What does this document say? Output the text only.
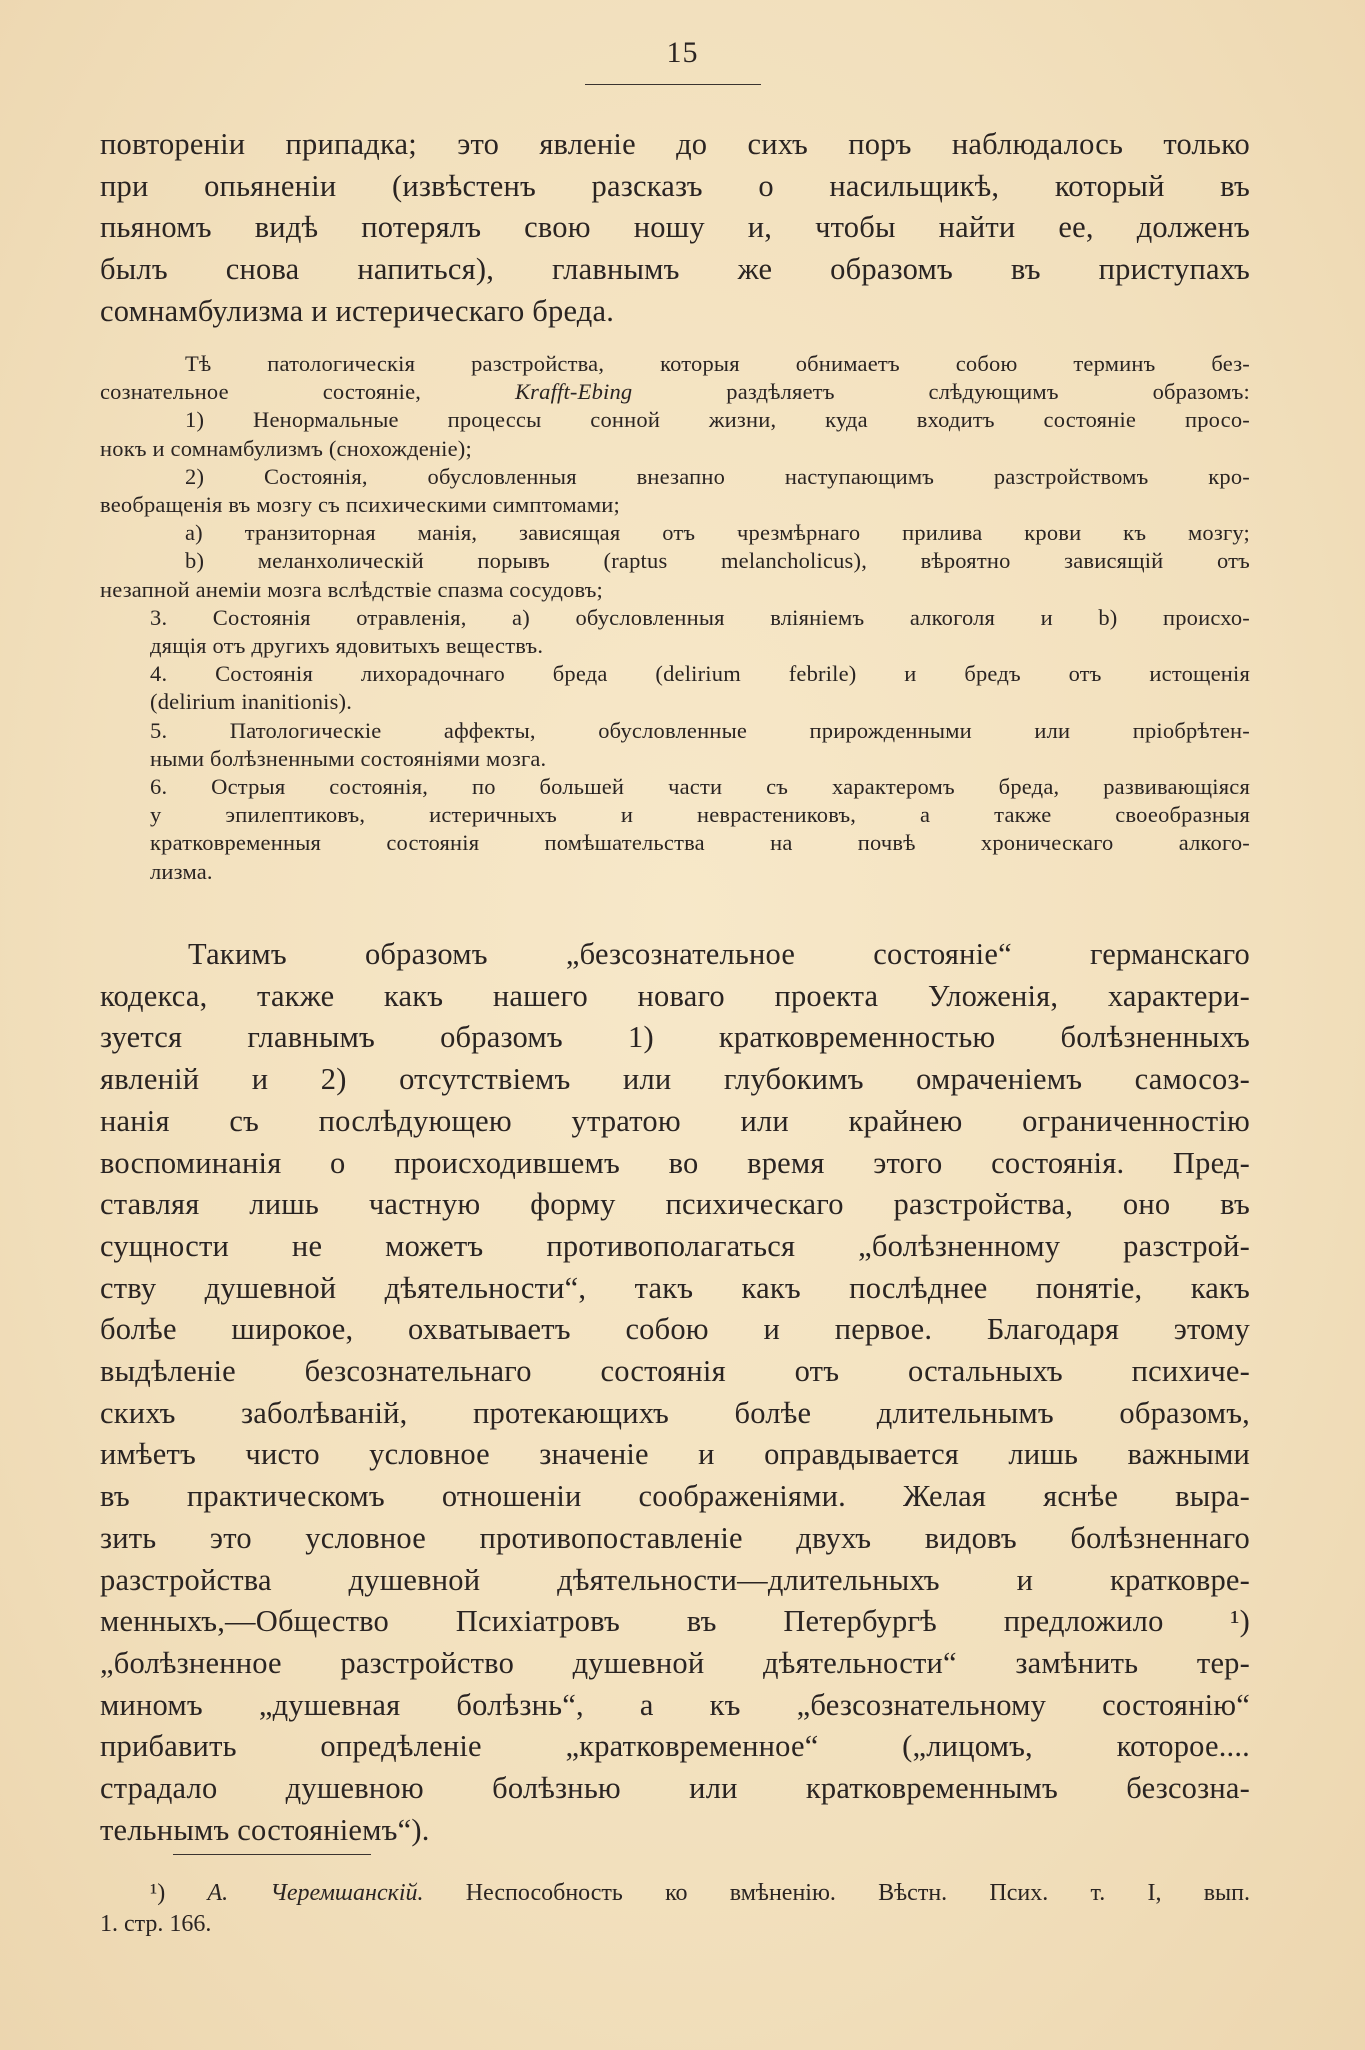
15
повторенiи припадка; это явленiе до сихъ поръ наблюдалось только
при опьяненiи (извѣстенъ разсказъ о насильщикѣ, который въ
пьяномъ видѣ потерялъ свою ношу и, чтобы найти ее, долженъ
былъ снова напиться), главнымъ же образомъ въ приступахъ
сомнамбулизма и истерическаго бреда.
Тѣ патологическiя разстройства, которыя обнимаетъ собою терминъ без-
сознательное состоянiе, Krafft-Ebing раздѣляетъ слѣдующимъ образомъ:
1) Ненормальные процессы сонной жизни, куда входитъ состоянiе просо-
нокъ и сомнамбулизмъ (снохожденiе);
2) Состоянiя, обусловленныя внезапно наступающимъ разстройствомъ кро-
веобращенiя въ мозгу съ психическими симптомами;
а) транзиторная манiя, зависящая отъ чрезмѣрнаго прилива крови къ мозгу;
b) меланхолическiй порывъ (raptus melancholicus), вѣроятно зависящiй отъ
незапной анемiи мозга вслѣдствiе спазма сосудовъ;
3. Состоянiя отравленiя, а) обусловленныя влiянiемъ алкоголя и b) происхо-
дящiя отъ другихъ ядовитыхъ веществъ.
4. Состоянiя лихорадочнаго бреда (delirium febrile) и бредъ отъ истощенiя
(delirium inanitionis).
5. Патологическiе аффекты, обусловленные прирожденными или прiобрѣтен-
ными болѣзненными состоянiями мозга.
6. Острыя состоянiя, по большей части съ характеромъ бреда, развивающiяся
у эпилептиковъ, истеричныхъ и неврастениковъ, а также своеобразныя
кратковременныя состоянiя помѣшательства на почвѣ хроническаго алкого-
лизма.
Такимъ образомъ „безсознательное состоянiе“ германскаго
кодекса, также какъ нашего новаго проекта Уложенiя, характери-
зуется главнымъ образомъ 1) кратковременностью болѣзненныхъ
явленiй и 2) отсутствiемъ или глубокимъ омраченiемъ самосоз-
нанiя съ послѣдующею утратою или крайнею ограниченностiю
воспоминанiя о происходившемъ во время этого состоянiя. Пред-
ставляя лишь частную форму психическаго разстройства, оно въ
сущности не можетъ противополагаться „болѣзненному разстрой-
ству душевной дѣятельности“, такъ какъ послѣднее понятiе, какъ
болѣе широкое, охватываетъ собою и первое. Благодаря этому
выдѣленiе безсознательнаго состоянiя отъ остальныхъ психиче-
скихъ заболѣванiй, протекающихъ болѣе длительнымъ образомъ,
имѣетъ чисто условное значенiе и оправдывается лишь важными
въ практическомъ отношенiи соображенiями. Желая яснѣе выра-
зить это условное противопоставленiе двухъ видовъ болѣзненнаго
разстройства душевной дѣятельности—длительныхъ и кратковре-
менныхъ,—Общество Психiатровъ въ Петербургѣ предложило ¹)
„болѣзненное разстройство душевной дѣятельности“ замѣнить тер-
миномъ „душевная болѣзнь“, а къ „безсознательному состоянiю“
прибавить опредѣленiе „кратковременное“ („лицомъ, которое....
страдало душевною болѣзнью или кратковременнымъ безсозна-
тельнымъ состоянiемъ“).
¹) А. Черемшанскiй. Неспособность ко вмѣненiю. Вѣстн. Псих. т. I, вып.
1. стр. 166.
